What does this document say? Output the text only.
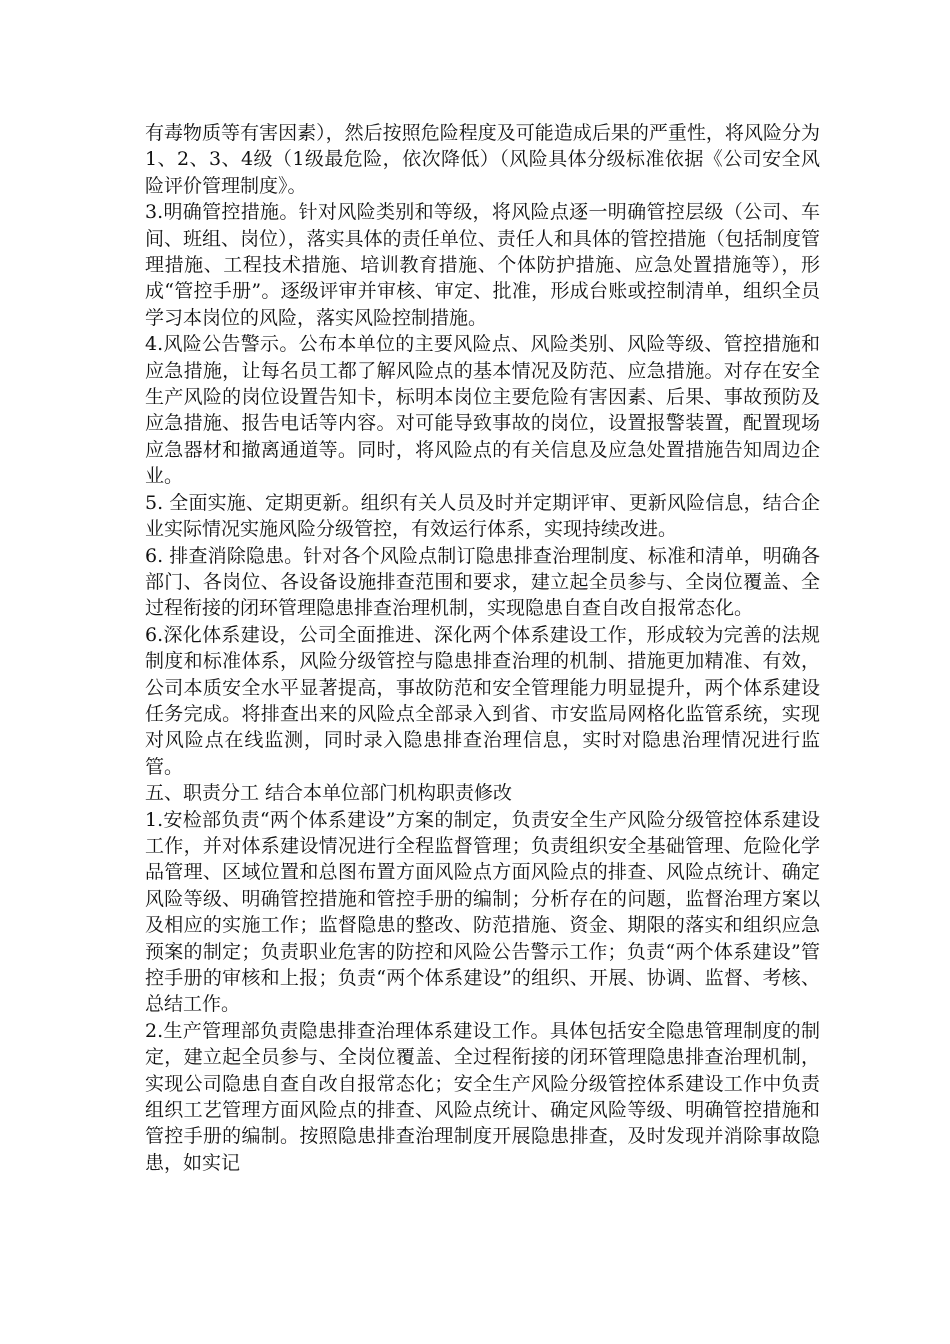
有毒物质等有害因素），然后按照危险程度及可能造成后果的严重性，将风险分为1、2、3、4级（1级最危险，依次降低）（风险具体分级标准依据《公司安全风险评价管理制度》。

3.明确管控措施。针对风险类别和等级，将风险点逐一明确管控层级（公司、车间、班组、岗位），落实具体的责任单位、责任人和具体的管控措施（包括制度管理措施、工程技术措施、培训教育措施、个体防护措施、应急处置措施等），形成“管控手册”。逐级评审并审核、审定、批准，形成台账或控制清单，组织全员学习本岗位的风险，落实风险控制措施。

4.风险公告警示。公布本单位的主要风险点、风险类别、风险等级、管控措施和应急措施，让每名员工都了解风险点的基本情况及防范、应急措施。对存在安全生产风险的岗位设置告知卡，标明本岗位主要危险有害因素、后果、事故预防及应急措施、报告电话等内容。对可能导致事故的岗位，设置报警装置，配置现场应急器材和撤离通道等。同时，将风险点的有关信息及应急处置措施告知周边企业。

5. 全面实施、定期更新。组织有关人员及时并定期评审、更新风险信息，结合企业实际情况实施风险分级管控，有效运行体系，实现持续改进。

6. 排查消除隐患。针对各个风险点制订隐患排查治理制度、标准和清单，明确各部门、各岗位、各设备设施排查范围和要求，建立起全员参与、全岗位覆盖、全过程衔接的闭环管理隐患排查治理机制，实现隐患自查自改自报常态化。

6.深化体系建设，公司全面推进、深化两个体系建设工作，形成较为完善的法规制度和标准体系，风险分级管控与隐患排查治理的机制、措施更加精准、有效，公司本质安全水平显著提高，事故防范和安全管理能力明显提升，两个体系建设任务完成。将排查出来的风险点全部录入到省、市安监局网格化监管系统，实现对风险点在线监测，同时录入隐患排查治理信息，实时对隐患治理情况进行监管。

五、职责分工 结合本单位部门机构职责修改

1.安检部负责“两个体系建设”方案的制定，负责安全生产风险分级管控体系建设工作，并对体系建设情况进行全程监督管理；负责组织安全基础管理、危险化学品管理、区域位置和总图布置方面风险点方面风险点的排查、风险点统计、确定风险等级、明确管控措施和管控手册的编制；分析存在的问题，监督治理方案以及相应的实施工作；监督隐患的整改、防范措施、资金、期限的落实和组织应急预案的制定；负责职业危害的防控和风险公告警示工作；负责“两个体系建设”管控手册的审核和上报；负责“两个体系建设”的组织、开展、协调、监督、考核、总结工作。

2.生产管理部负责隐患排查治理体系建设工作。具体包括安全隐患管理制度的制定，建立起全员参与、全岗位覆盖、全过程衔接的闭环管理隐患排查治理机制，实现公司隐患自查自改自报常态化；安全生产风险分级管控体系建设工作中负责组织工艺管理方面风险点的排查、风险点统计、确定风险等级、明确管控措施和管控手册的编制。按照隐患排查治理制度开展隐患排查，及时发现并消除事故隐患，如实记
